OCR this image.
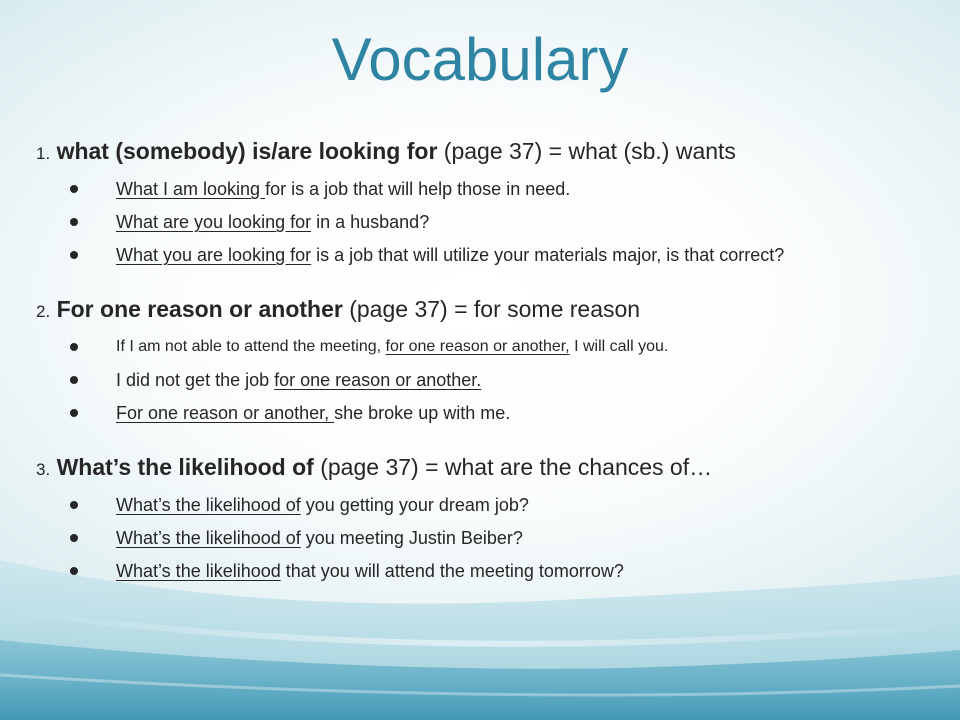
Vocabulary

1. what (somebody) is/are looking for (page 37) = what (sb.) wants

What I am looking for is a job that will help those in need.
What are you looking for in a husband?
What you are looking for is a job that will utilize your materials major, is that correct?

2. For one reason or another (page 37) = for some reason

If I am not able to attend the meeting, for one reason or another, I will call you.
I did not get the job for one reason or another.
For one reason or another, she broke up with me.

3. What’s the likelihood of (page 37) = what are the chances of…

What’s the likelihood of you getting your dream job?
What’s the likelihood of you meeting Justin Beiber?
What’s the likelihood that you will attend the meeting tomorrow?
